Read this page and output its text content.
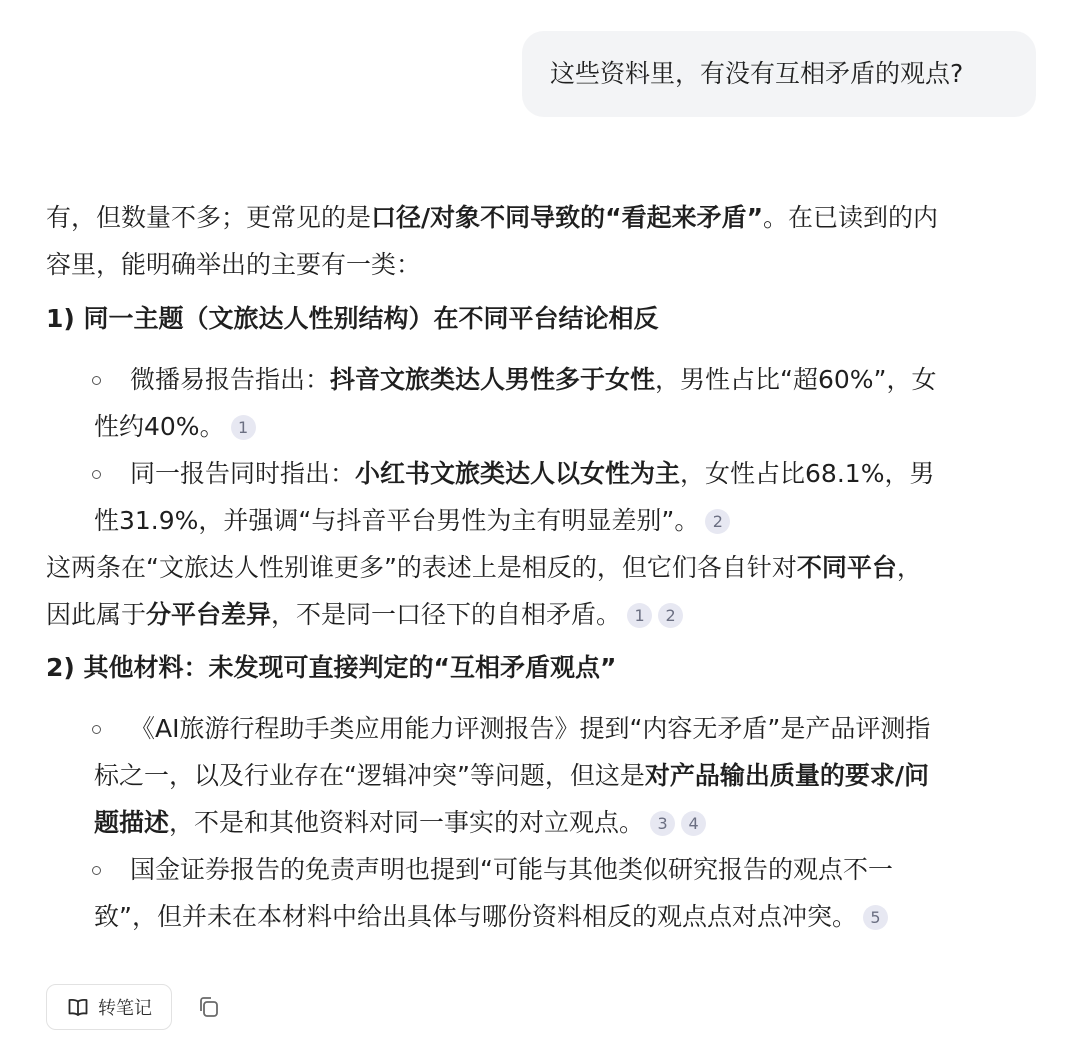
这些资料里，有没有互相矛盾的观点?
有，但数量不多；更常见的是口径/对象不同导致的“看起来矛盾”。在已读到的内
容里，能明确举出的主要有一类：
1) 同一主题（文旅达人性别结构）在不同平台结论相反
微播易报告指出：抖音文旅类达人男性多于女性，男性占比“超60%”，女
性约40%。 1
同一报告同时指出：小红书文旅类达人以女性为主，女性占比68.1%，男
性31.9%，并强调“与抖音平台男性为主有明显差别”。 2
这两条在“文旅达人性别谁更多”的表述上是相反的，但它们各自针对不同平台，
因此属于分平台差异，不是同一口径下的自相矛盾。 1 2
2) 其他材料：未发现可直接判定的“互相矛盾观点”
《AI旅游行程助手类应用能力评测报告》提到“内容无矛盾”是产品评测指
标之一，以及行业存在“逻辑冲突”等问题，但这是对产品输出质量的要求/问
题描述，不是和其他资料对同一事实的对立观点。 3 4
国金证券报告的免责声明也提到“可能与其他类似研究报告的观点不一
致”，但并未在本材料中给出具体与哪份资料相反的观点点对点冲突。 5
转笔记
